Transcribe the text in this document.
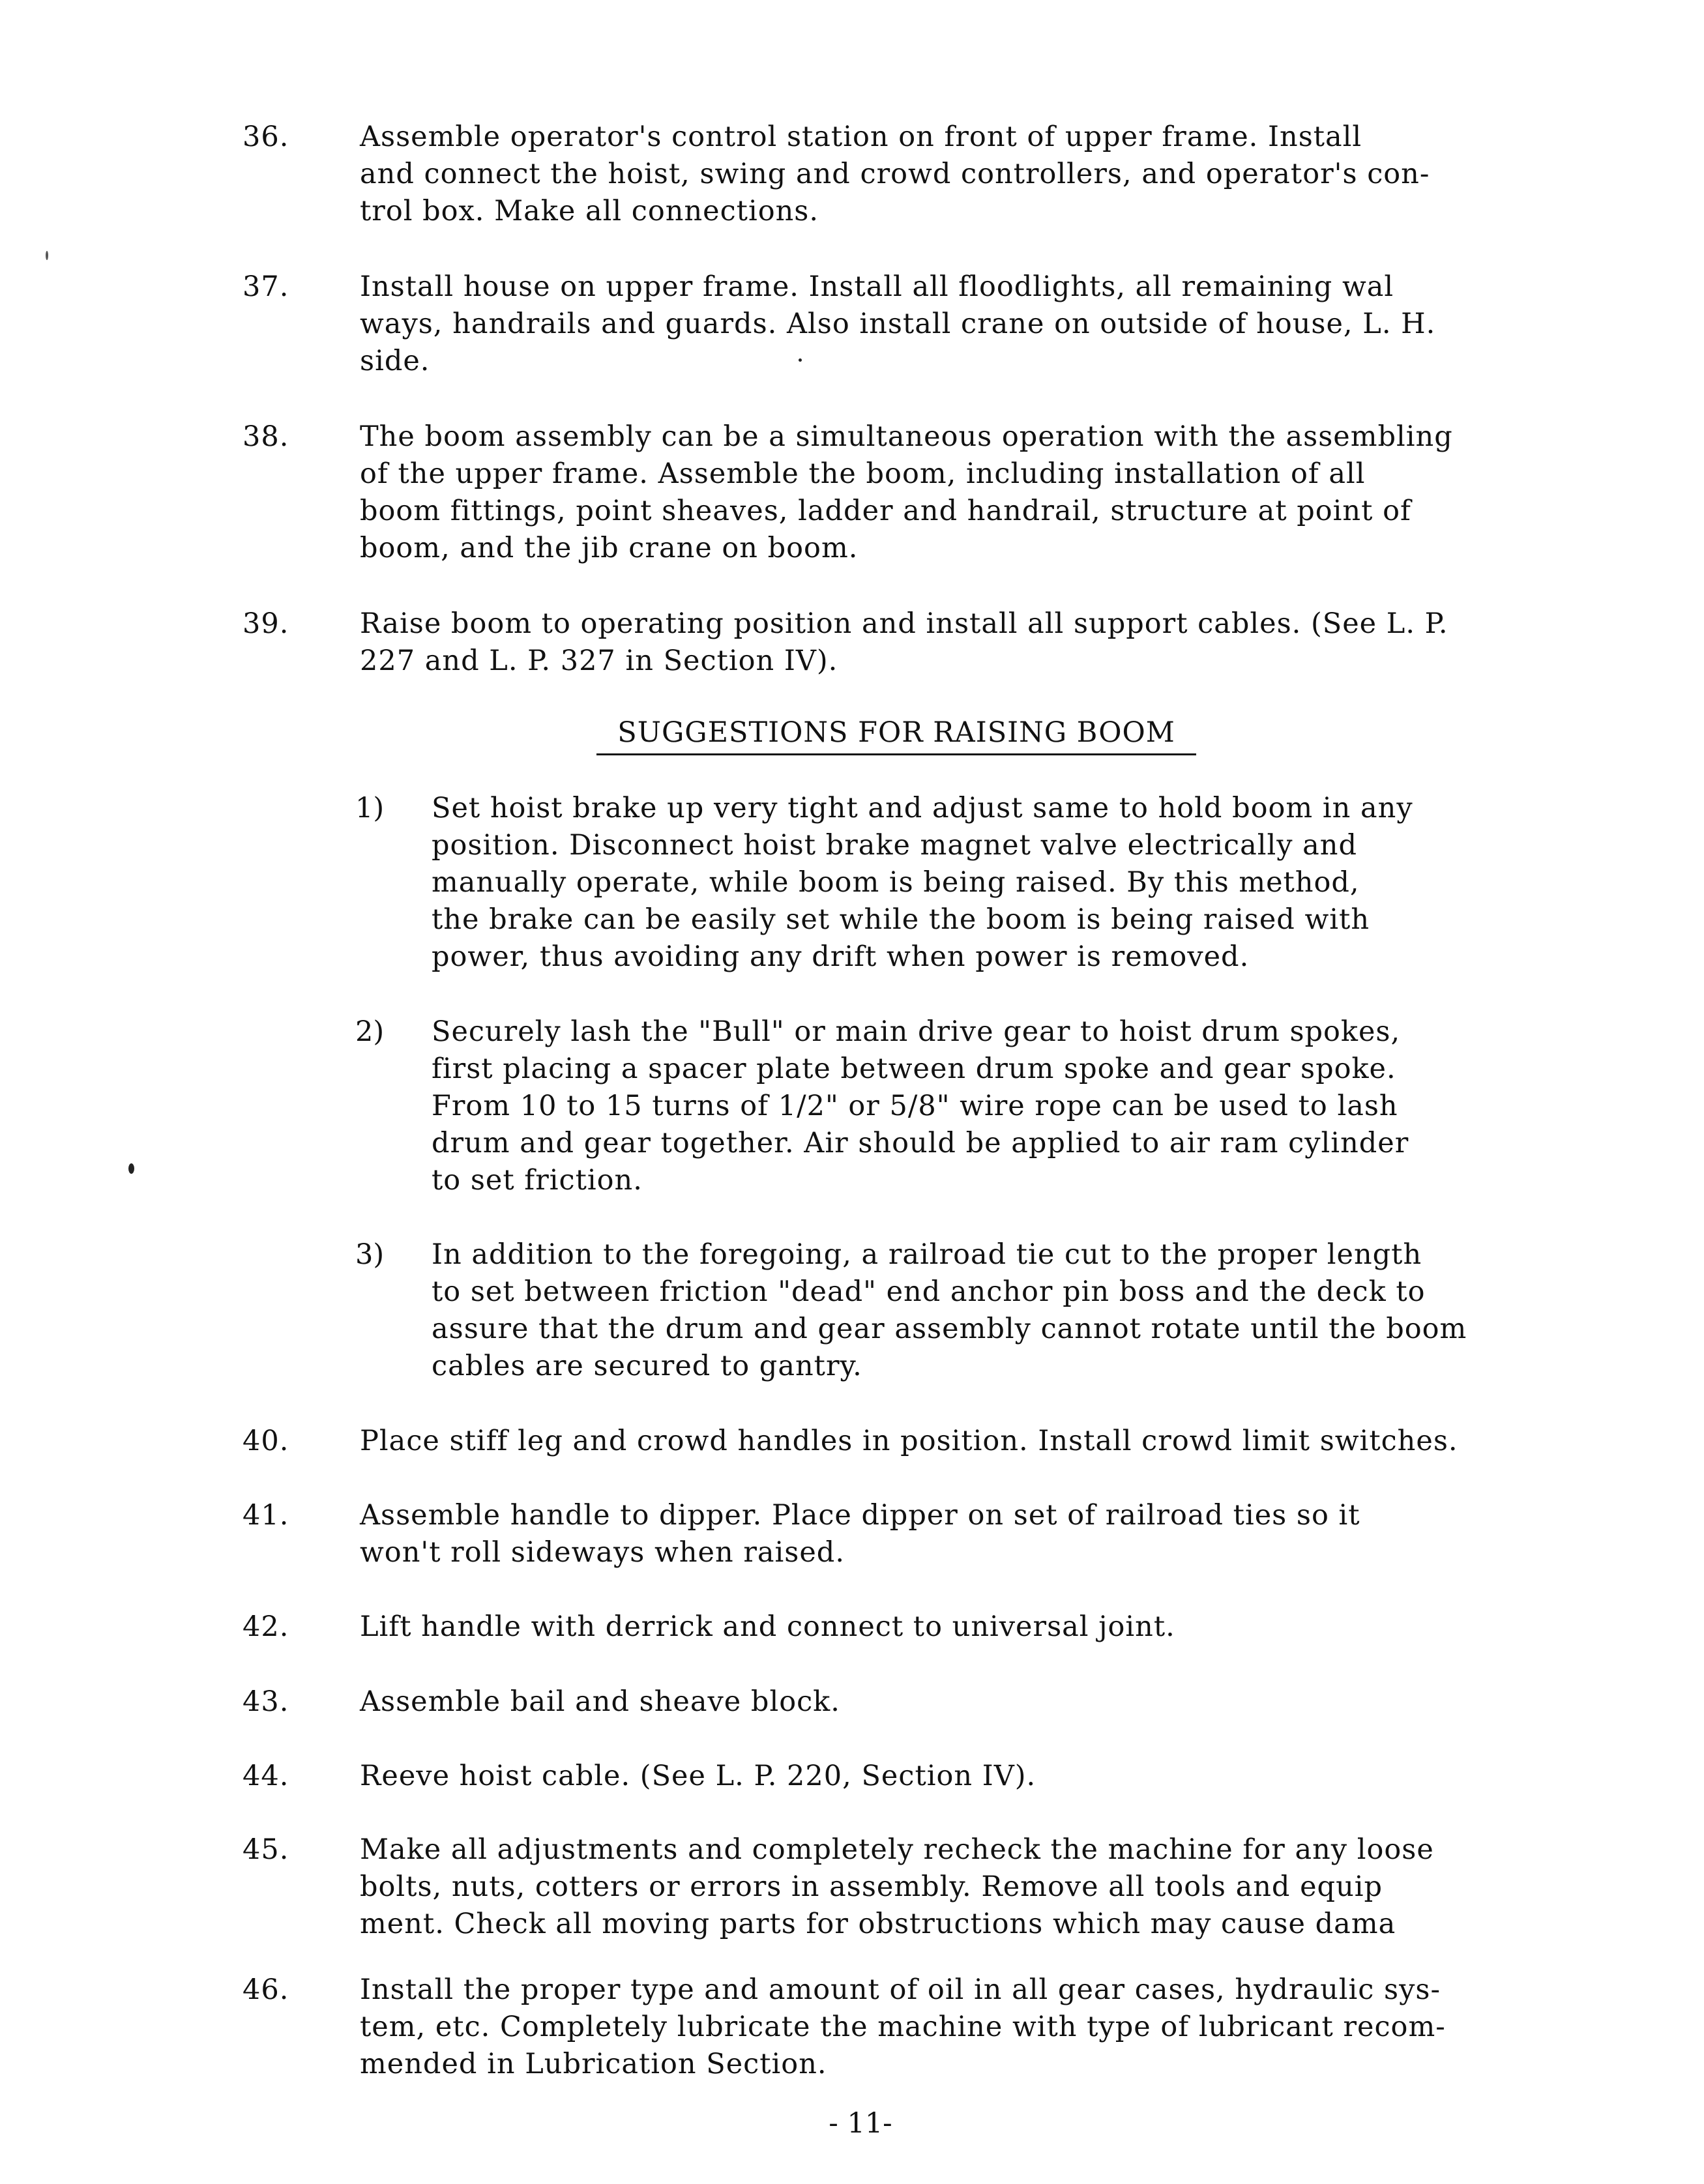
36.	Assemble operator's control station on front of upper frame. Install
and connect the hoist, swing and crowd controllers, and operator's con-
trol box. Make all connections.
37.	Install house on upper frame. Install all floodlights, all remaining wal
ways, handrails and guards. Also install crane on outside of house, L. H.
side.
38.	The boom assembly can be a simultaneous operation with the assembling
of the upper frame. Assemble the boom, including installation of all
boom fittings, point sheaves, ladder and handrail, structure at point of
boom, and the jib crane on boom.
39.	Raise boom to operating position and install all support cables. (See L. P.
227 and L. P. 327 in Section IV).
SUGGESTIONS FOR RAISING BOOM
1)	Set hoist brake up very tight and adjust same to hold boom in any
position. Disconnect hoist brake magnet valve electrically and
manually operate, while boom is being raised. By this method,
the brake can be easily set while the boom is being raised with
power, thus avoiding any drift when power is removed.
2)	Securely lash the "Bull" or main drive gear to hoist drum spokes,
first placing a spacer plate between drum spoke and gear spoke.
From 10 to 15 turns of 1/2" or 5/8" wire rope can be used to lash
drum and gear together. Air should be applied to air ram cylinder
to set friction.
3)	In addition to the foregoing, a railroad tie cut to the proper length
to set between friction "dead" end anchor pin boss and the deck to
assure that the drum and gear assembly cannot rotate until the boom
cables are secured to gantry.
40.	Place stiff leg and crowd handles in position. Install crowd limit switches.
41.	Assemble handle to dipper. Place dipper on set of railroad ties so it
won't roll sideways when raised.
42.	Lift handle with derrick and connect to universal joint.
43.	Assemble bail and sheave block.
44.	Reeve hoist cable. (See L. P. 220, Section IV).
45.	Make all adjustments and completely recheck the machine for any loose
bolts, nuts, cotters or errors in assembly. Remove all tools and equip
ment. Check all moving parts for obstructions which may cause dama
46.	Install the proper type and amount of oil in all gear cases, hydraulic sys-
tem, etc. Completely lubricate the machine with type of lubricant recom-
mended in Lubrication Section.
- 11-
